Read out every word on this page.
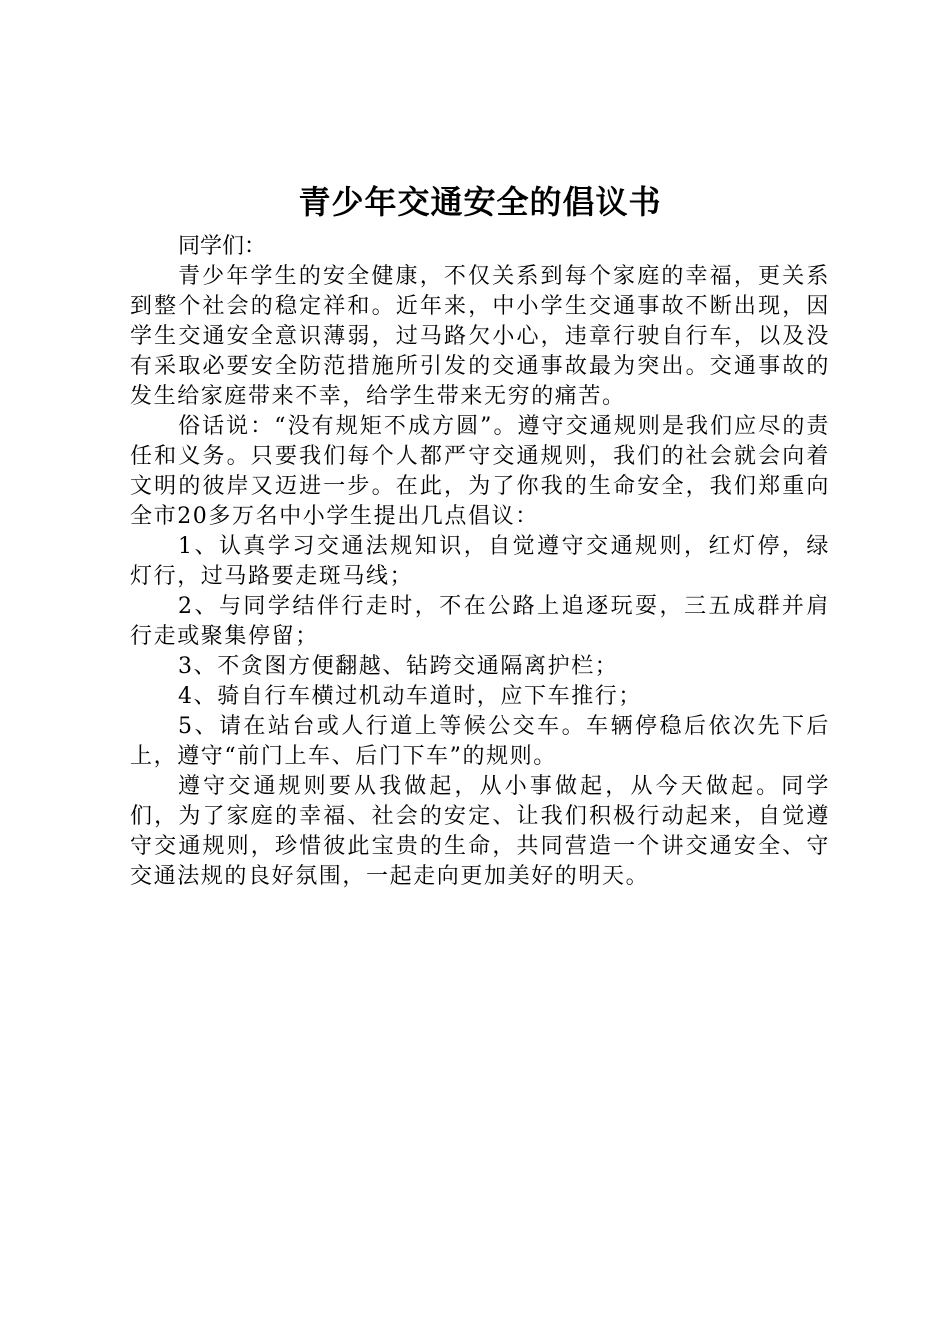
青少年交通安全的倡议书

同学们：

青少年学生的安全健康，不仅关系到每个家庭的幸福，更关系到整个社会的稳定祥和。近年来，中小学生交通事故不断出现，因学生交通安全意识薄弱，过马路欠小心，违章行驶自行车，以及没有采取必要安全防范措施所引发的交通事故最为突出。交通事故的发生给家庭带来不幸，给学生带来无穷的痛苦。

俗话说：“没有规矩不成方圆”。遵守交通规则是我们应尽的责任和义务。只要我们每个人都严守交通规则，我们的社会就会向着文明的彼岸又迈进一步。在此，为了你我的生命安全，我们郑重向全市20多万名中小学生提出几点倡议：

1、认真学习交通法规知识，自觉遵守交通规则，红灯停，绿灯行，过马路要走斑马线；

2、与同学结伴行走时，不在公路上追逐玩耍，三五成群并肩行走或聚集停留；

3、不贪图方便翻越、钻跨交通隔离护栏；

4、骑自行车横过机动车道时，应下车推行；

5、请在站台或人行道上等候公交车。车辆停稳后依次先下后上，遵守“前门上车、后门下车”的规则。

遵守交通规则要从我做起，从小事做起，从今天做起。同学们，为了家庭的幸福、社会的安定、让我们积极行动起来，自觉遵守交通规则，珍惜彼此宝贵的生命，共同营造一个讲交通安全、守交通法规的良好氛围，一起走向更加美好的明天。
